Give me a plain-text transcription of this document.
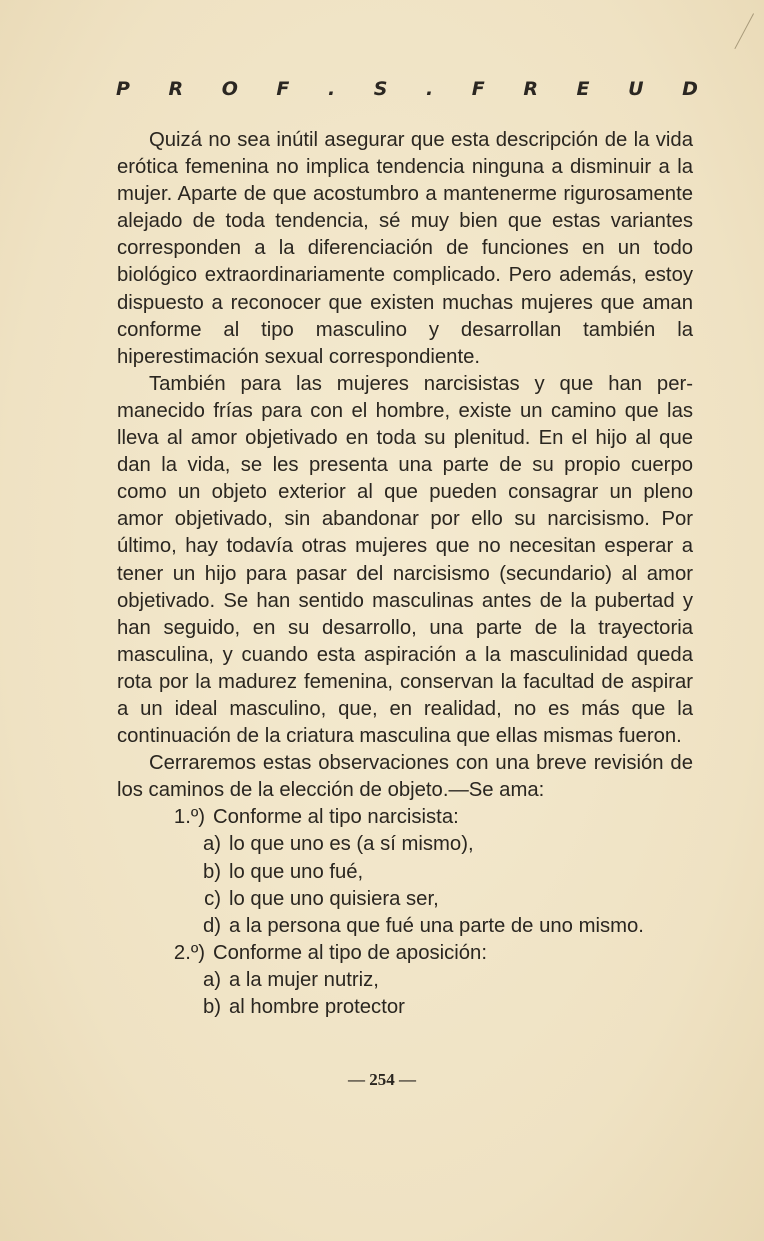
P R O F . S . F R E U D

Quizá no sea inútil asegurar que esta descripción de la vida erótica femenina no implica tendencia ninguna a disminuir a la mujer. Aparte de que acostumbro a mantenerme rigurosamente alejado de toda tendencia, sé muy bien que estas variantes corresponden a la diferenciación de funciones en un todo biológico extraordinariamente complicado. Pero además, estoy dispuesto a reconocer que existen muchas mujeres que aman conforme al tipo masculino y desarrollan también la hiperestimación sexual correspondiente.

También para las mujeres narcisistas y que han permanecido frías para con el hombre, existe un camino que las lleva al amor objetivado en toda su plenitud. En el hijo al que dan la vida, se les presenta una parte de su propio cuerpo como un objeto exterior al que pueden consagrar un pleno amor objetivado, sin abandonar por ello su narcisismo. Por último, hay todavía otras mujeres que no necesitan esperar a tener un hijo para pasar del narcisismo (secundario) al amor objetivado. Se han sentido masculinas antes de la pubertad y han seguido, en su desarrollo, una parte de la trayectoria masculina, y cuando esta aspiración a la masculinidad queda rota por la madurez femenina, conservan la facultad de aspirar a un ideal masculino, que, en realidad, no es más que la continuación de la criatura masculina que ellas mismas fueron.

Cerraremos estas observaciones con una breve revisión de los caminos de la elección de objeto.—Se ama:

1.º) Conforme al tipo narcisista:
a) lo que uno es (a sí mismo),
b) lo que uno fué,
c) lo que uno quisiera ser,
d) a la persona que fué una parte de uno mismo.
2.º) Conforme al tipo de aposición:
a) a la mujer nutriz,
b) al hombre protector
— 254 —
